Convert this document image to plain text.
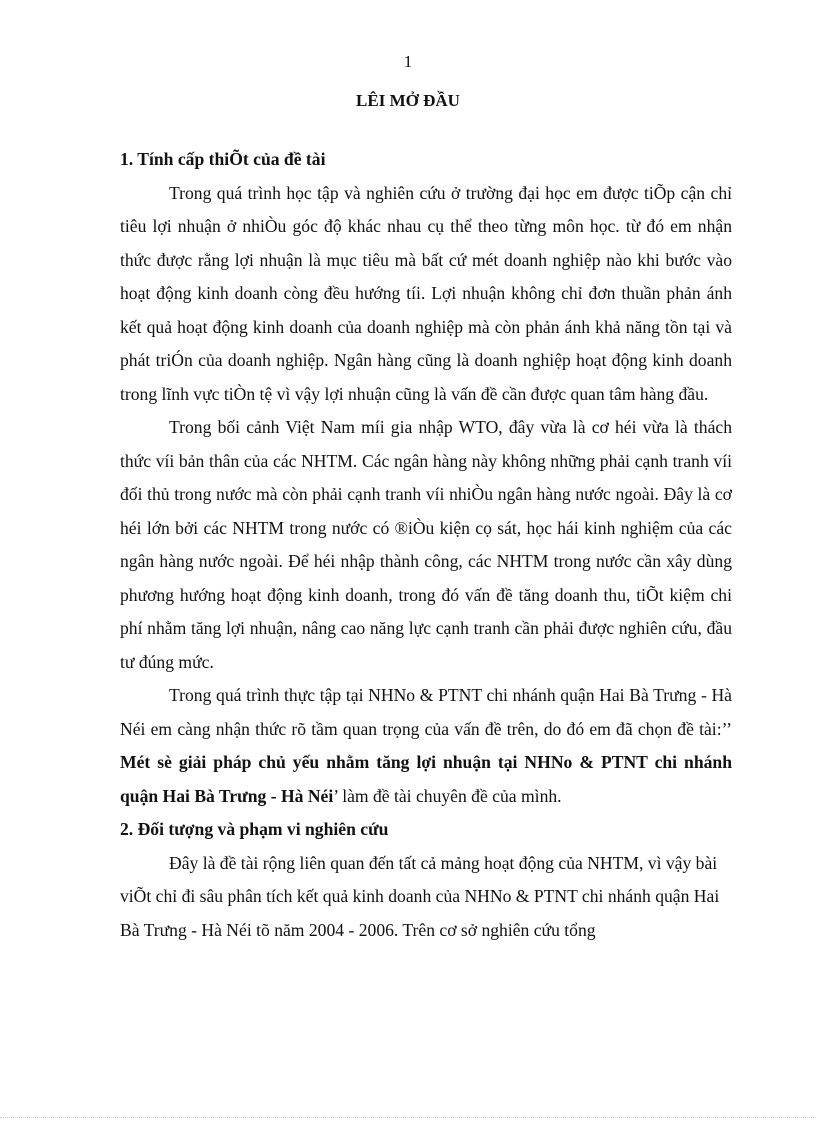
1
LÊI MỞ ĐẦU

1. Tính cấp thiÕt của đề tài

Trong quá trình học tập và nghiên cứu ở trường đại học em được tiÕp cận chỉ tiêu lợi nhuận ở nhiÒu góc độ khác nhau cụ thể theo từng môn học. từ đó em nhận thức được rằng lợi nhuận là mục tiêu mà bất cứ mét doanh nghiệp nào khi bước vào hoạt động kinh doanh còng đều hướng tíi. Lợi nhuận không chỉ đơn thuần phản ánh kết quả hoạt động kinh doanh của doanh nghiệp mà còn phản ánh khả năng tồn tại và phát triÓn của doanh nghiệp. Ngân hàng cũng là doanh nghiệp hoạt động kinh doanh trong lĩnh vực tiÒn tệ vì vậy lợi nhuận cũng là vấn đề cần được quan tâm hàng đầu.

Trong bối cảnh Việt Nam míi gia nhập WTO, đây vừa là cơ héi vừa là thách thức víi bản thân của các NHTM. Các ngân hàng này không những phải cạnh tranh víi đối thủ trong nước mà còn phải cạnh tranh víi nhiÒu ngân hàng nước ngoài. Đây là cơ héi lớn bởi các NHTM trong nước có ®iÒu kiện cọ sát, học hái kinh nghiệm của các ngân hàng nước ngoài. Để héi nhập thành công, các NHTM trong nước cần xây dùng phương hướng hoạt động kinh doanh, trong đó vấn đề tăng doanh thu, tiÕt kiệm chi phí nhằm tăng lợi nhuận, nâng cao năng lực cạnh tranh cần phải được nghiên cứu, đầu tư đúng mức.

Trong quá trình thực tập tại NHNo & PTNT chi nhánh quận Hai Bà Trưng - Hà Néi em càng nhận thức rõ tầm quan trọng của vấn đề trên, do đó em đã chọn đề tài:’’ Mét sè giải pháp chủ yếu nhằm tăng lợi nhuận tại NHNo & PTNT chi nhánh quận Hai Bà Trưng - Hà Néi’ làm đề tài chuyên đề của mình.

2. Đối tượng và phạm vi nghiên cứu

Đây là đề tài rộng liên quan đến tất cả mảng hoạt động của NHTM, vì vậy bài viÕt chỉ đi sâu phân tích kết quả kinh doanh của NHNo & PTNT chi nhánh quận Hai Bà Trưng - Hà Néi tõ năm 2004 - 2006. Trên cơ sở nghiên cứu tổng
